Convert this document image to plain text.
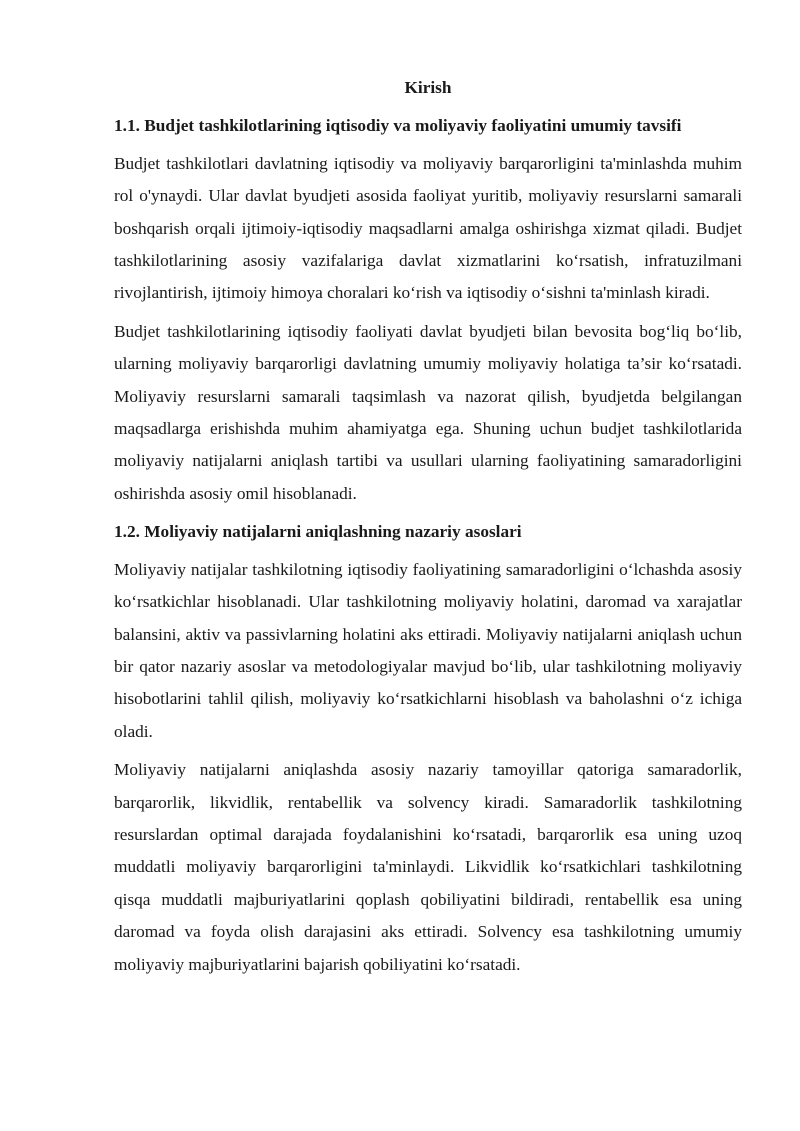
Kirish
1.1. Budjet tashkilotlarining iqtisodiy va moliyaviy faoliyatini umumiy tavsifi

Budjet tashkilotlari davlatning iqtisodiy va moliyaviy barqarorligini ta'minlashda muhim rol o'ynaydi. Ular davlat byudjeti asosida faoliyat yuritib, moliyaviy resurslarni samarali boshqarish orqali ijtimoiy-iqtisodiy maqsadlarni amalga oshirishga xizmat qiladi. Budjet tashkilotlarining asosiy vazifalariga davlat xizmatlarini ko‘rsatish, infratuzilmani rivojlantirish, ijtimoiy himoya choralari ko‘rish va iqtisodiy o‘sishni ta'minlash kiradi.

Budjet tashkilotlarining iqtisodiy faoliyati davlat byudjeti bilan bevosita bog‘liq bo‘lib, ularning moliyaviy barqarorligi davlatning umumiy moliyaviy holatiga ta’sir ko‘rsatadi. Moliyaviy resurslarni samarali taqsimlash va nazorat qilish, byudjetda belgilangan maqsadlarga erishishda muhim ahamiyatga ega. Shuning uchun budjet tashkilotlarida moliyaviy natijalarni aniqlash tartibi va usullari ularning faoliyatining samaradorligini oshirishda asosiy omil hisoblanadi.

1.2. Moliyaviy natijalarni aniqlashning nazariy asoslari

Moliyaviy natijalar tashkilotning iqtisodiy faoliyatining samaradorligini o‘lchashda asosiy ko‘rsatkichlar hisoblanadi. Ular tashkilotning moliyaviy holatini, daromad va xarajatlar balansini, aktiv va passivlarning holatini aks ettiradi. Moliyaviy natijalarni aniqlash uchun bir qator nazariy asoslar va metodologiyalar mavjud bo‘lib, ular tashkilotning moliyaviy hisobotlarini tahlil qilish, moliyaviy ko‘rsatkichlarni hisoblash va baholashni o‘z ichiga oladi.

Moliyaviy natijalarni aniqlashda asosiy nazariy tamoyillar qatoriga samaradorlik, barqarorlik, likvidlik, rentabellik va solvency kiradi. Samaradorlik tashkilotning resurslardan optimal darajada foydalanishini ko‘rsatadi, barqarorlik esa uning uzoq muddatli moliyaviy barqarorligini ta'minlaydi. Likvidlik ko‘rsatkichlari tashkilotning qisqa muddatli majburiyatlarini qoplash qobiliyatini bildiradi, rentabellik esa uning daromad va foyda olish darajasini aks ettiradi. Solvency esa tashkilotning umumiy moliyaviy majburiyatlarini bajarish qobiliyatini ko‘rsatadi.
